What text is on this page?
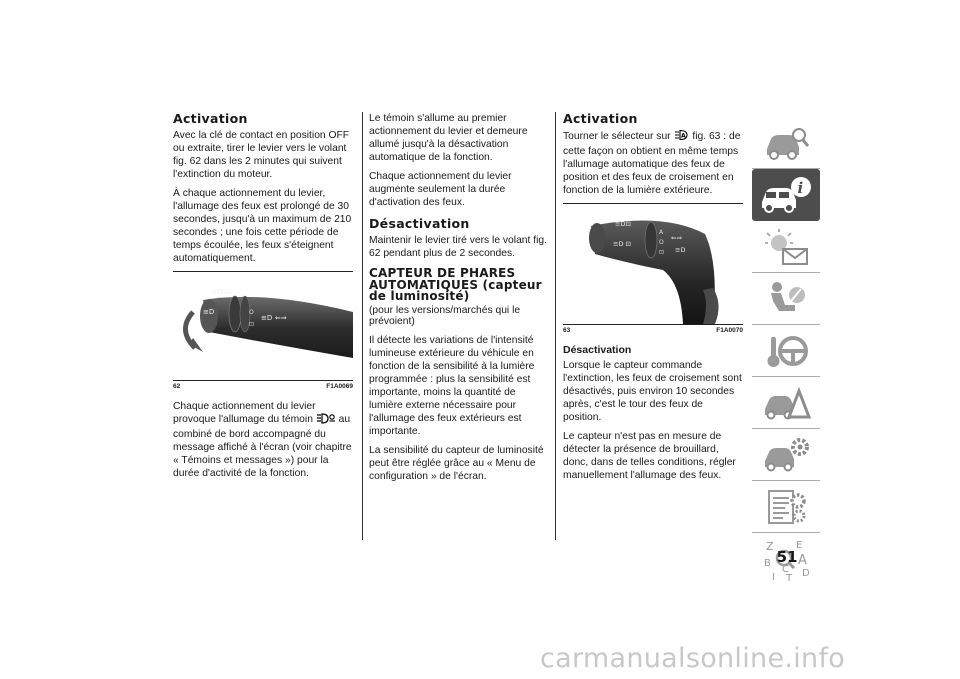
Activation

Avec la clé de contact en position OFF ou extraite, tirer le levier vers le volant fig. 62 dans les 2 minutes qui suivent l'extinction du moteur.

À chaque actionnement du levier, l'allumage des feux est prolongé de 30 secondes, jusqu'à un maximum de 210 secondes ; une fois cette période de temps écoulée, les feux s'éteignent automatiquement.

≡D ⊡
≡D	O
⊡
≡D ⇐⇒
62	F1A0069

Chaque actionnement du levier provoque l'allumage du témoin	au combiné de bord accompagné du message affiché à l'écran (voir chapitre « Témoins et messages ») pour la durée d'activité de la fonction.

Le témoin s'allume au premier actionnement du levier et demeure allumé jusqu'à la désactivation automatique de la fonction.

Chaque actionnement du levier augmente seulement la durée d'activation des feux.

Désactivation

Maintenir le levier tiré vers le volant fig. 62 pendant plus de 2 secondes.

CAPTEUR DE PHARES AUTOMATIQUES (capteur de luminosité)

(pour les versions/marchés qui le prévoient)

Il détecte les variations de l'intensité lumineuse extérieure du véhicule en fonction de la sensibilité à la lumière programmée : plus la sensibilité est importante, moins la quantité de lumière externe nécessaire pour l'allumage des feux extérieurs est importante.

La sensibilité du capteur de luminosité peut être réglée grâce au « Menu de configuration » de l'écran.

Activation

Tourner le sélecteur sur A fig. 63 : de cette façon on obtient en même temps l'allumage automatique des feux de position et des feux de croisement en fonction de la lumière extérieure.

≡D⊡
≡D ⊡
A
O
⊡
⇐⇒
≡D
63	F1A0070
Désactivation

Lorsque le capteur commande l'extinction, les feux de croisement sont désactivés, puis environ 10 secondes après, c'est le tour des feux de position.

Le capteur n'est pas en mesure de détecter la présence de brouillard, donc, dans de telles conditions, régler manuellement l'allumage des feux.

i
Z E
B A
C D
I T
51
carmanualsonline.info
